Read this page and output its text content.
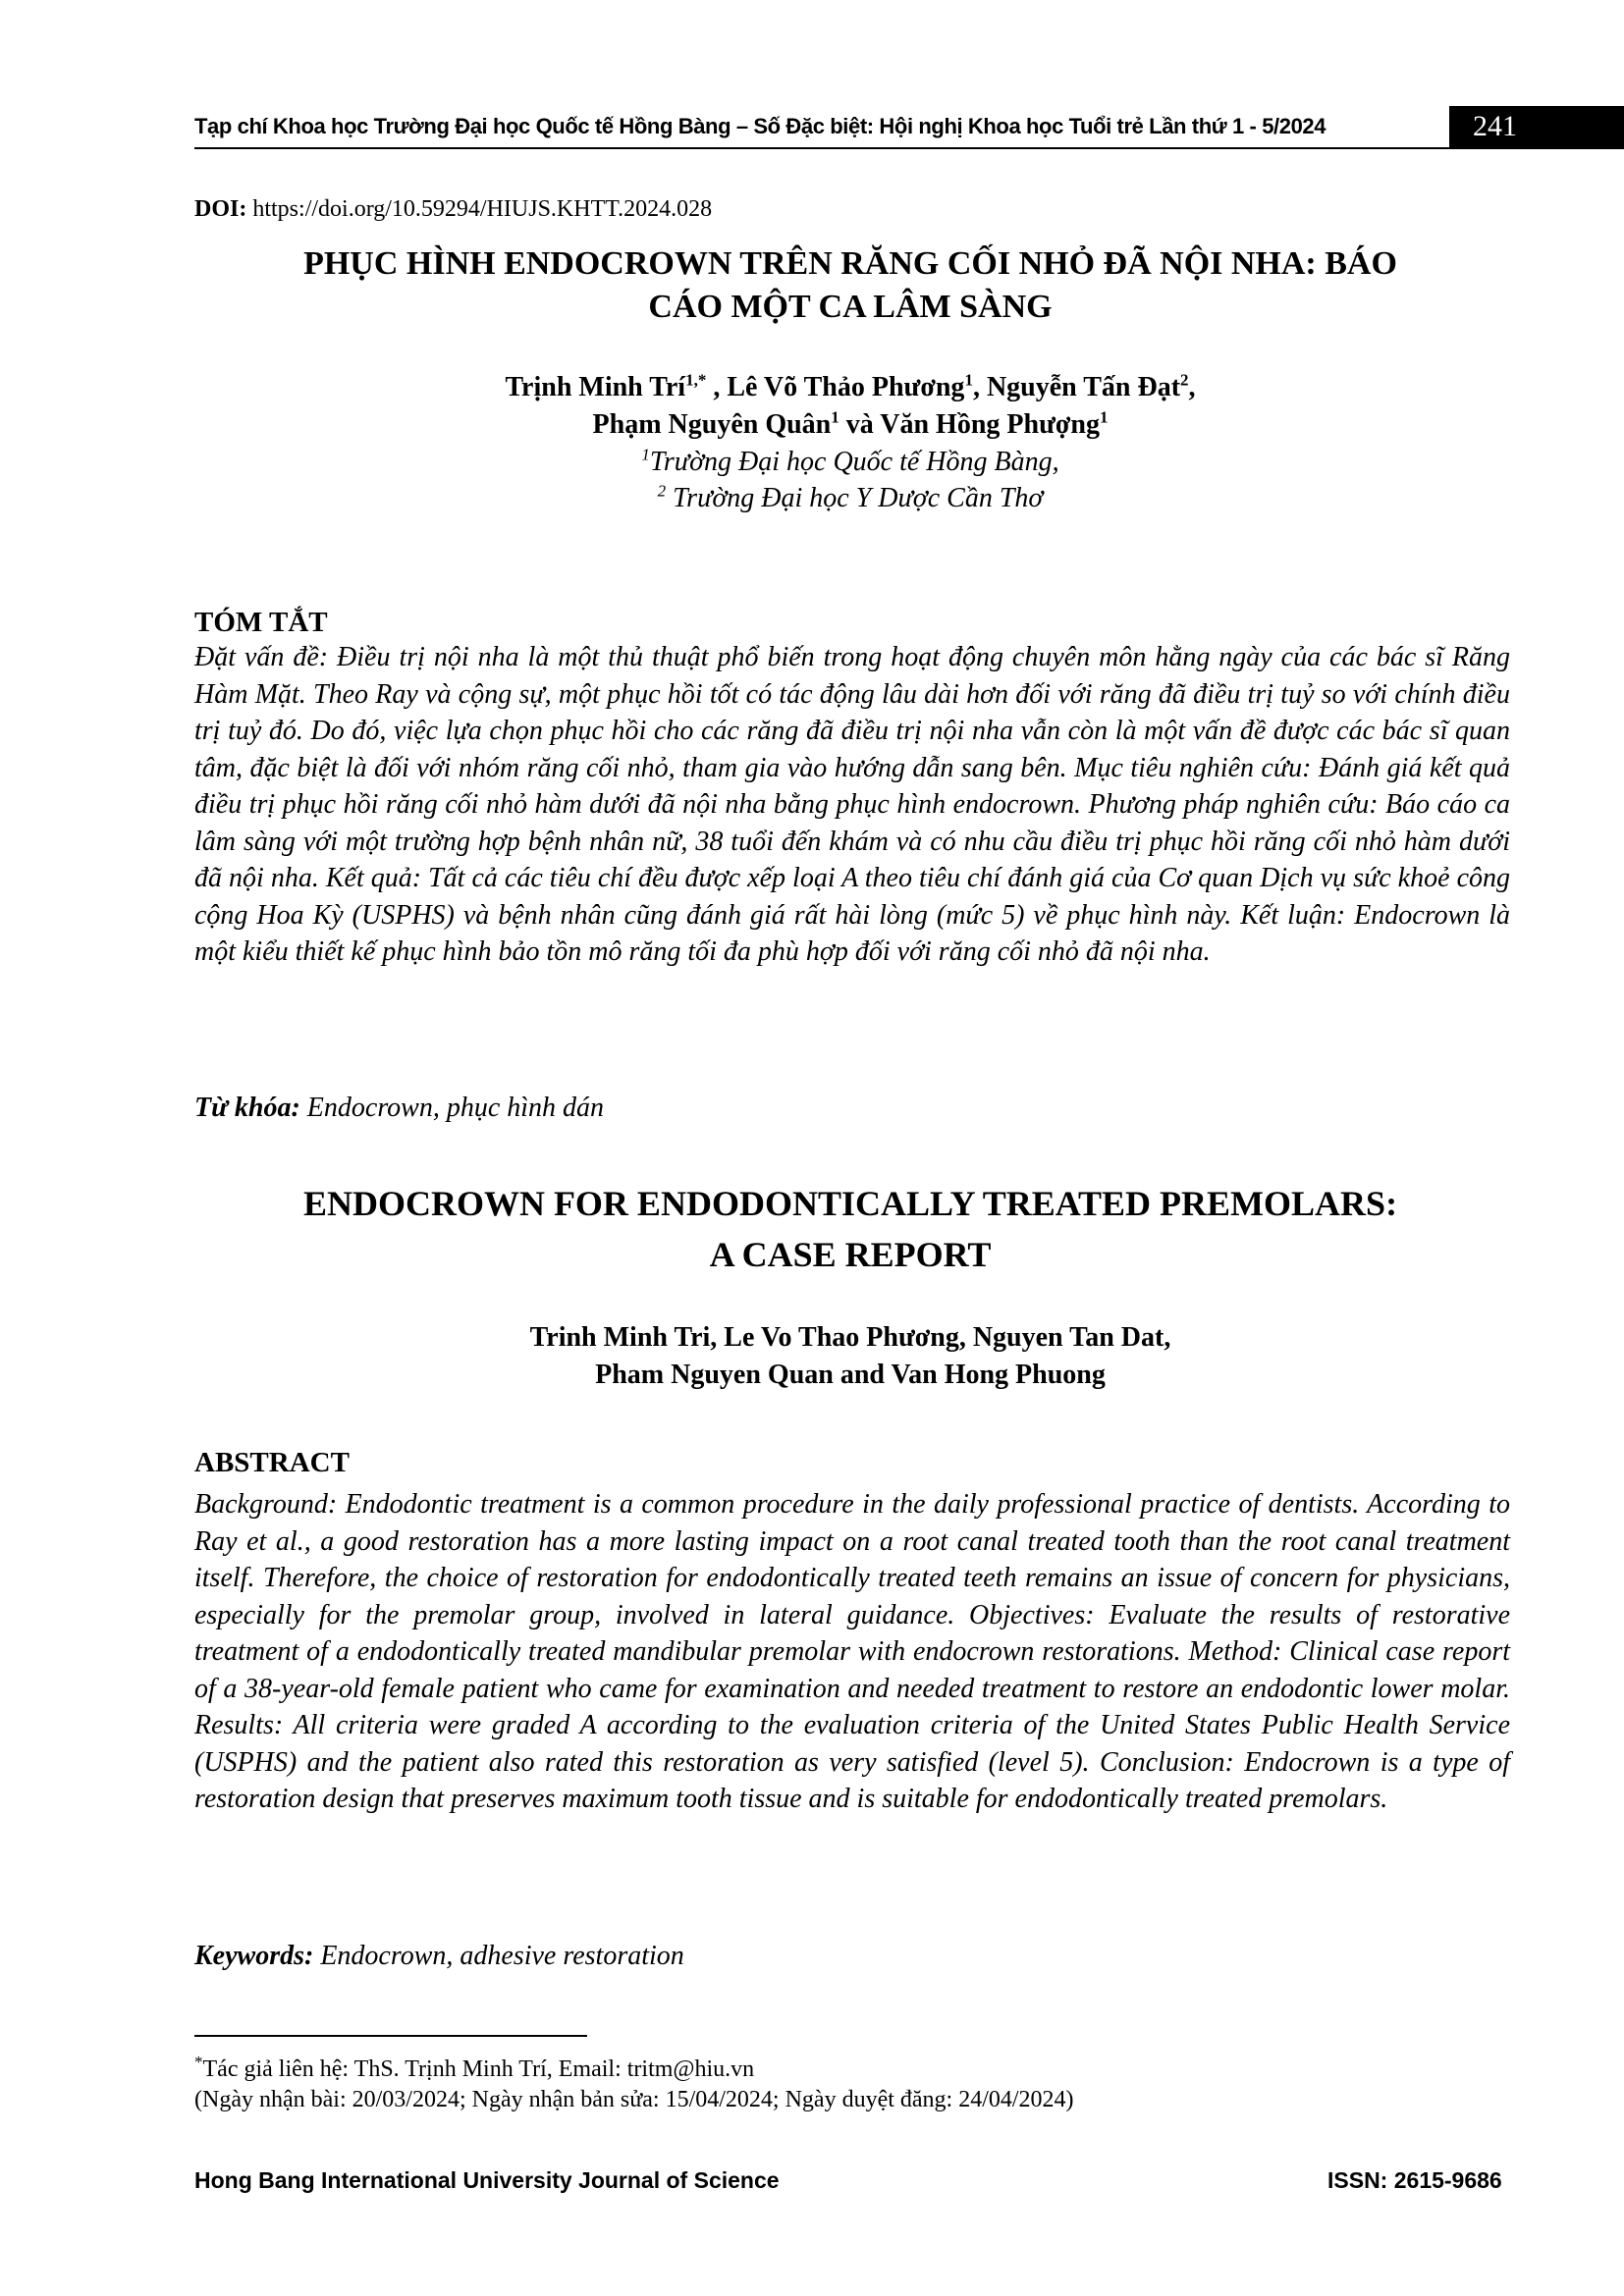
Tạp chí Khoa học Trường Đại học Quốc tế Hồng Bàng – Số Đặc biệt: Hội nghị Khoa học Tuổi trẻ Lần thứ 1 - 5/2024	241
DOI: https://doi.org/10.59294/HIUJS.KHTT.2024.028
PHỤC HÌNH ENDOCROWN TRÊN RĂNG CỐI NHỎ ĐÃ NỘI NHA: BÁO
CÁO MỘT CA LÂM SÀNG
Trịnh Minh Trí$^{1,*}$ , Lê Võ Thảo Phương$^1$, Nguyễn Tấn Đạt$^2$,
Phạm Nguyên Quân$^1$ và Văn Hồng Phượng$^1$
$^1$Trường Đại học Quốc tế Hồng Bàng,
$^2$ Trường Đại học Y Dược Cần Thơ
TÓM TẮT
Đặt vấn đề: Điều trị nội nha là một thủ thuật phổ biến trong hoạt động chuyên môn hằng ngày của các bác sĩ Răng Hàm Mặt. Theo Ray và cộng sự, một phục hồi tốt có tác động lâu dài hơn đối với răng đã điều trị tuỷ so với chính điều trị tuỷ đó. Do đó, việc lựa chọn phục hồi cho các răng đã điều trị nội nha vẫn còn là một vấn đề được các bác sĩ quan tâm, đặc biệt là đối với nhóm răng cối nhỏ, tham gia vào hướng dẫn sang bên. Mục tiêu nghiên cứu: Đánh giá kết quả điều trị phục hồi răng cối nhỏ hàm dưới đã nội nha bằng phục hình endocrown. Phương pháp nghiên cứu: Báo cáo ca lâm sàng với một trường hợp bệnh nhân nữ, 38 tuổi đến khám và có nhu cầu điều trị phục hồi răng cối nhỏ hàm dưới đã nội nha. Kết quả: Tất cả các tiêu chí đều được xếp loại A theo tiêu chí đánh giá của Cơ quan Dịch vụ sức khoẻ công cộng Hoa Kỳ (USPHS) và bệnh nhân cũng đánh giá rất hài lòng (mức 5) về phục hình này. Kết luận: Endocrown là một kiểu thiết kế phục hình bảo tồn mô răng tối đa phù hợp đối với răng cối nhỏ đã nội nha.
Từ khóa: Endocrown, phục hình dán
ENDOCROWN FOR ENDODONTICALLY TREATED PREMOLARS:
A CASE REPORT
Trinh Minh Tri, Le Vo Thao Phương, Nguyen Tan Dat,
Pham Nguyen Quan and Van Hong Phuong
ABSTRACT
Background: Endodontic treatment is a common procedure in the daily professional practice of dentists. According to Ray et al., a good restoration has a more lasting impact on a root canal treated tooth than the root canal treatment itself. Therefore, the choice of restoration for endodontically treated teeth remains an issue of concern for physicians, especially for the premolar group, involved in lateral guidance. Objectives: Evaluate the results of restorative treatment of a endodontically treated mandibular premolar with endocrown restorations. Method: Clinical case report of a 38-year-old female patient who came for examination and needed treatment to restore an endodontic lower molar. Results: All criteria were graded A according to the evaluation criteria of the United States Public Health Service (USPHS) and the patient also rated this restoration as very satisfied (level 5). Conclusion: Endocrown is a type of restoration design that preserves maximum tooth tissue and is suitable for endodontically treated premolars.
Keywords: Endocrown, adhesive restoration
*Tác giả liên hệ: ThS. Trịnh Minh Trí, Email: tritm@hiu.vn
(Ngày nhận bài: 20/03/2024; Ngày nhận bản sửa: 15/04/2024; Ngày duyệt đăng: 24/04/2024)
Hong Bang International University Journal of Science	ISSN: 2615-9686
